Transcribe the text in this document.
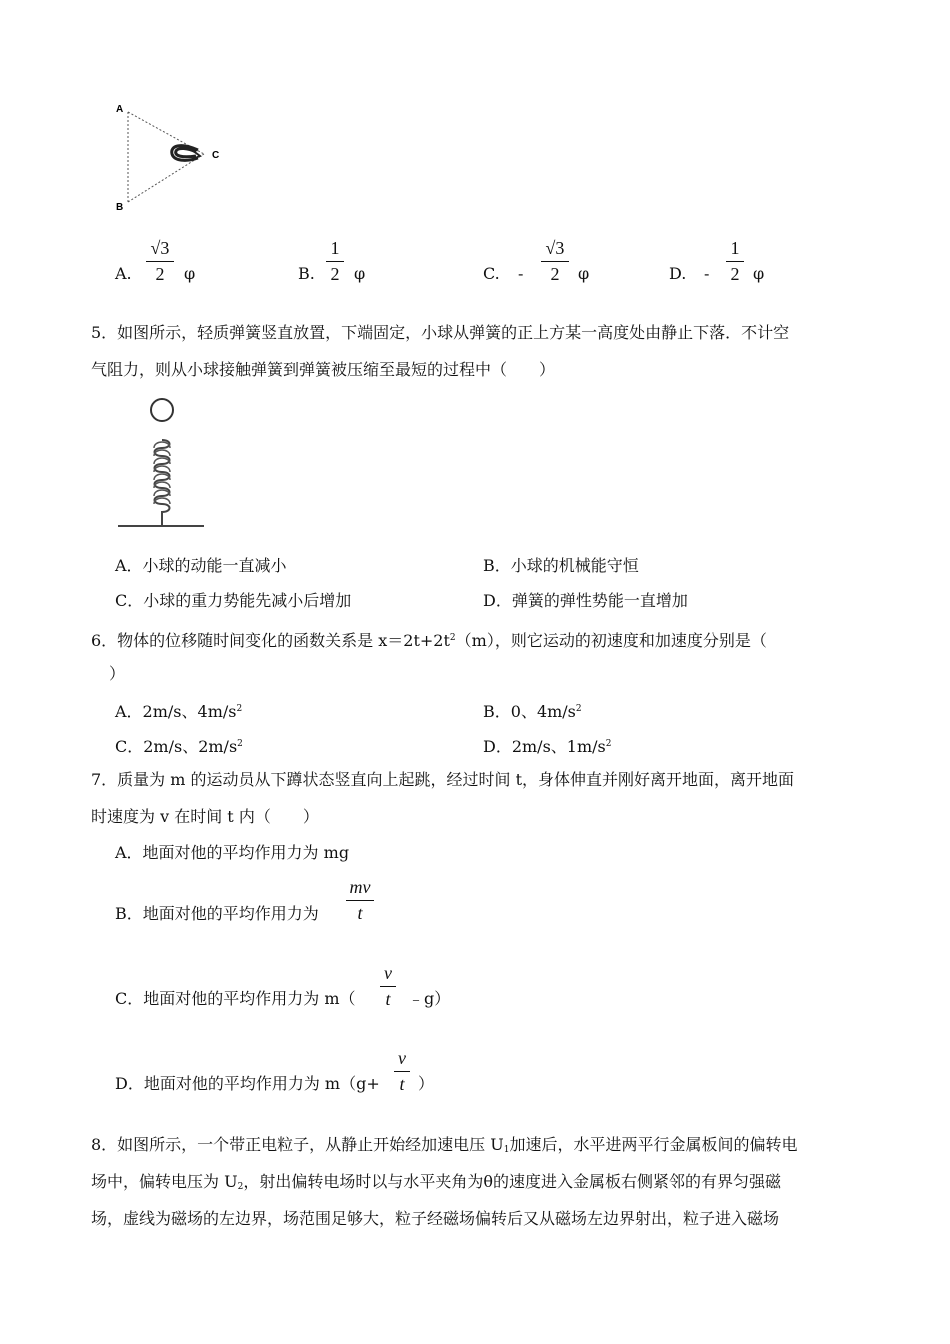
A
B
C
A.
√3
2	φ	B.
1
2 φ	C. -
√3
2	φ	D. -
1
2 φ
5．如图所示，轻质弹簧竖直放置，下端固定，小球从弹簧的正上方某一高度处由静止下落．不计空
气阻力，则从小球接触弹簧到弹簧被压缩至最短的过程中（　　）
A．小球的动能一直减小	B．小球的机械能守恒
C．小球的重力势能先减小后增加	D．弹簧的弹性势能一直增加
6．物体的位移随时间变化的函数关系是 $x=2t+2t^2(m)$，则它运动的初速度和加速度分别是（
）
A．2m/s、$4m/s^2$	B．0、$4m/s^2$
C．2m/s、$2m/s^2$	D．2m/s、$1m/s^2$
7．质量为 m 的运动员从下蹲状态竖直向上起跳，经过时间 t，身体伸直并刚好离开地面，离开地面
时速度为 v 在时间 t 内（　　）
A．地面对他的平均作用力为 mg
B．地面对他的平均作用力为
mv
t
C．地面对他的平均作用力为 m（
v
t	﹣g）
D．地面对他的平均作用力为 m（g+
v
t ）
8．如图所示，一个带正电粒子，从静止开始经加速电压 $U_1$加速后，水平进两平行金属板间的偏转电
场中，偏转电压为 $U_2$，射出偏转电场时以与水平夹角为θ的速度进入金属板右侧紧邻的有界匀强磁
场，虚线为磁场的左边界，场范围足够大，粒子经磁场偏转后又从磁场左边界射出，粒子进入磁场
